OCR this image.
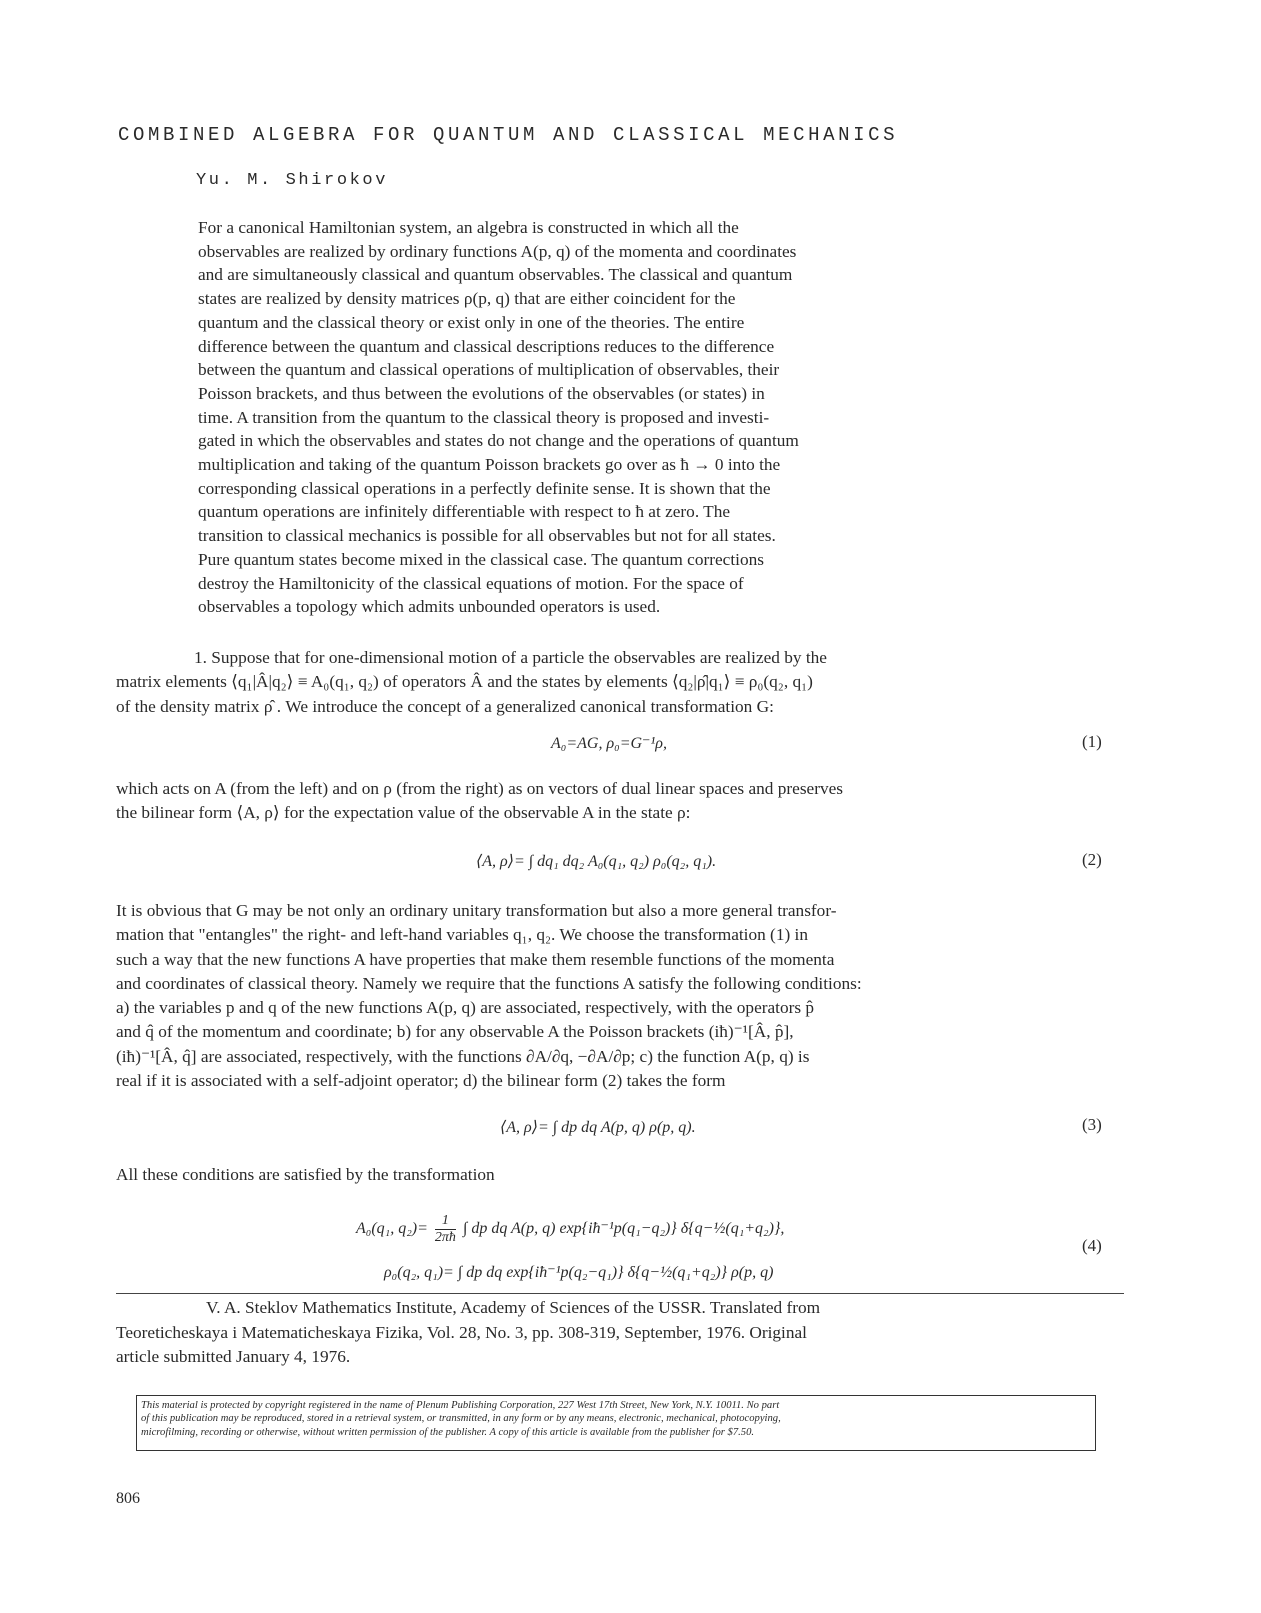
COMBINED ALGEBRA FOR QUANTUM AND CLASSICAL MECHANICS
Yu. M. Shirokov
For a canonical Hamiltonian system, an algebra is constructed in which all the
observables are realized by ordinary functions A(p, q) of the momenta and coordinates
and are simultaneously classical and quantum observables. The classical and quantum
states are realized by density matrices ρ(p, q) that are either coincident for the
quantum and the classical theory or exist only in one of the theories. The entire
difference between the quantum and classical descriptions reduces to the difference
between the quantum and classical operations of multiplication of observables, their
Poisson brackets, and thus between the evolutions of the observables (or states) in
time. A transition from the quantum to the classical theory is proposed and investi-
gated in which the observables and states do not change and the operations of quantum
multiplication and taking of the quantum Poisson brackets go over as ħ → 0 into the
corresponding classical operations in a perfectly definite sense. It is shown that the
quantum operations are infinitely differentiable with respect to ħ at zero. The
transition to classical mechanics is possible for all observables but not for all states.
Pure quantum states become mixed in the classical case. The quantum corrections
destroy the Hamiltonicity of the classical equations of motion. For the space of
observables a topology which admits unbounded operators is used.
1. Suppose that for one-dimensional motion of a particle the observables are realized by the
matrix elements ⟨q₁|Â|q₂⟩ ≡ A₀(q₁, q₂) of operators Â and the states by elements ⟨q₂|ρ̂|q₁⟩ ≡ ρ₀(q₂, q₁)
of the density matrix ρ̂ . We introduce the concept of a generalized canonical transformation G:
A₀=AG, ρ₀=G⁻¹ρ,	(1)
which acts on A (from the left) and on ρ (from the right) as on vectors of dual linear spaces and preserves
the bilinear form ⟨A, ρ⟩ for the expectation value of the observable A in the state ρ:
⟨A, ρ⟩= ∫ dq₁ dq₂ A₀(q₁, q₂) ρ₀(q₂, q₁).	(2)
It is obvious that G may be not only an ordinary unitary transformation but also a more general transfor-
mation that "entangles" the right- and left-hand variables q₁, q₂. We choose the transformation (1) in
such a way that the new functions A have properties that make them resemble functions of the momenta
and coordinates of classical theory. Namely we require that the functions A satisfy the following conditions:
a) the variables p and q of the new functions A(p, q) are associated, respectively, with the operators p̂
and q̂ of the momentum and coordinate; b) for any observable A the Poisson brackets (iħ)⁻¹[Â, p̂],
(iħ)⁻¹[Â, q̂] are associated, respectively, with the functions ∂A/∂q, −∂A/∂p; c) the function A(p, q) is
real if it is associated with a self-adjoint operator; d) the bilinear form (2) takes the form
⟨A, ρ⟩= ∫ dp dq A(p, q) ρ(p, q).	(3)
All these conditions are satisfied by the transformation
A₀(q₁, $q_2)= \frac{1}{2\pi ħ}$ ∫ dp dq A(p, q) exp{iħ⁻¹p(q₁−q₂)} δ{q−½(q₁+q₂)},
ρ₀(q₂, q₁)= ∫ dp dq exp{iħ⁻¹p(q₂−q₁)} δ{q−½(q₁+q₂)} ρ(p, q)
(4)
V. A. Steklov Mathematics Institute, Academy of Sciences of the USSR. Translated from
Teoreticheskaya i Matematicheskaya Fizika, Vol. 28, No. 3, pp. 308-319, September, 1976. Original
article submitted January 4, 1976.
This material is protected by copyright registered in the name of Plenum Publishing Corporation, 227 West 17th Street, New York, N.Y. 10011. No part
of this publication may be reproduced, stored in a retrieval system, or transmitted, in any form or by any means, electronic, mechanical, photocopying,
microfilming, recording or otherwise, without written permission of the publisher. A copy of this article is available from the publisher for $7.50.
806
